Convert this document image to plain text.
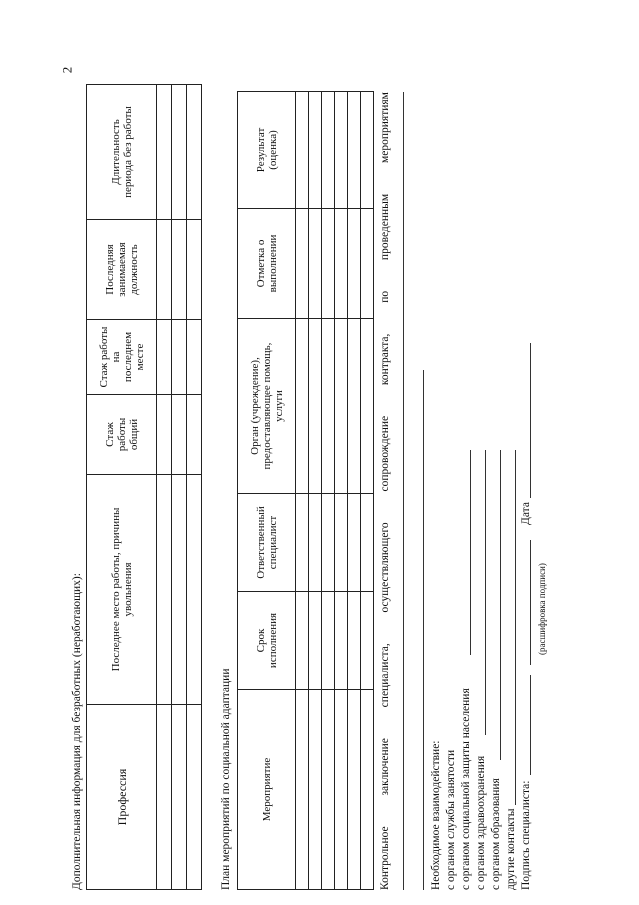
2
Дополнительная информация для безработных (неработающих):	Профессия	Последнее место работы, причины увольнения	Стаж работы общий	Стаж работы на последнем месте	Последняя занимаемая должность	Длительность периода без работы

План мероприятий по социальной адаптации	Мероприятие	Срок исполнения	Ответственный специалист	Орган (учреждение), предоставляющее помощь, услуги	Отметка о выполнении	Результат (оценка)

Контрольное
заключение
специалиста,
осуществляющего
сопровождение
контракта,
по
проведенным
мероприятиям
Необходимое взаимодействие: с органом службы занятости с органом социальной защиты населения с органом здравоохранения с органом образования другие контакты Подпись специалиста:
(расшифровка подписи)
Дата
